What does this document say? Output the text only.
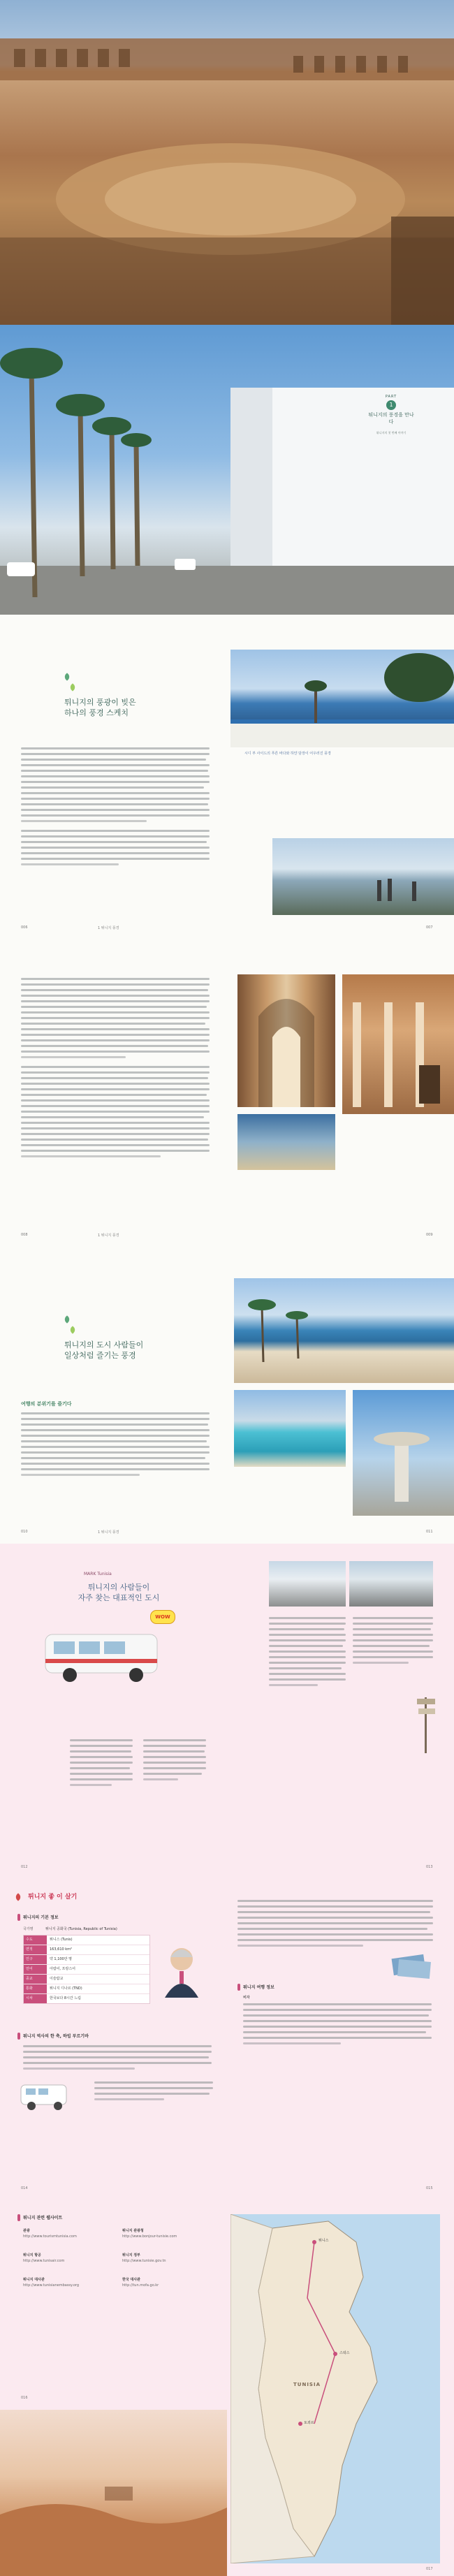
PART
1
튀니지의 풍경을 만나다
튀니지의 첫 번째 이야기
튀니지의 풍광이 빚은
하나의 풍경 스케치
시디 부 사이드의 푸른 바다와 하얀 담장이 어우러진 풍경
006	1 튀니지 풍경	007
008	1 튀니지 풍경	009
튀니지의 도시 사람들이
일상처럼 즐기는 풍경
여행의 분위기를 즐기다
010	1 튀니지 풍경	011
MARK Tunisia
튀니지의 사람들이
자주 찾는 대표적인 도시
WOW
012	013
튀니지 좋 이 살기
튀니지의 기본 정보
국가명	튀니지 공화국 (Tunisia, Republic of Tunisia)
수도	튀니스 (Tunis)
면적	163,610 km²
인구	약 1,100만 명
언어	아랍어, 프랑스어
종교	이슬람교
통화	튀니지 디나르 (TND)
시차	한국보다 8시간 느림
튀니지 역사의 한 축, 하빕 부르기바
튀니지 여행 정보
비자
014	015
튀니지 관련 웹사이트
관광
http://www.tourismtunisia.com
튀니지 관광청
http://www.bonjour-tunisie.com
튀니지 항공
http://www.tunisair.com
튀니지 정부
http://www.tunisie.gov.tn
튀니지 대사관
http://www.tunisianembassy.org
한국 대사관
http://tun.mofa.go.kr
튀니스
스팍스
토죄르
TUNISIA
016
017
